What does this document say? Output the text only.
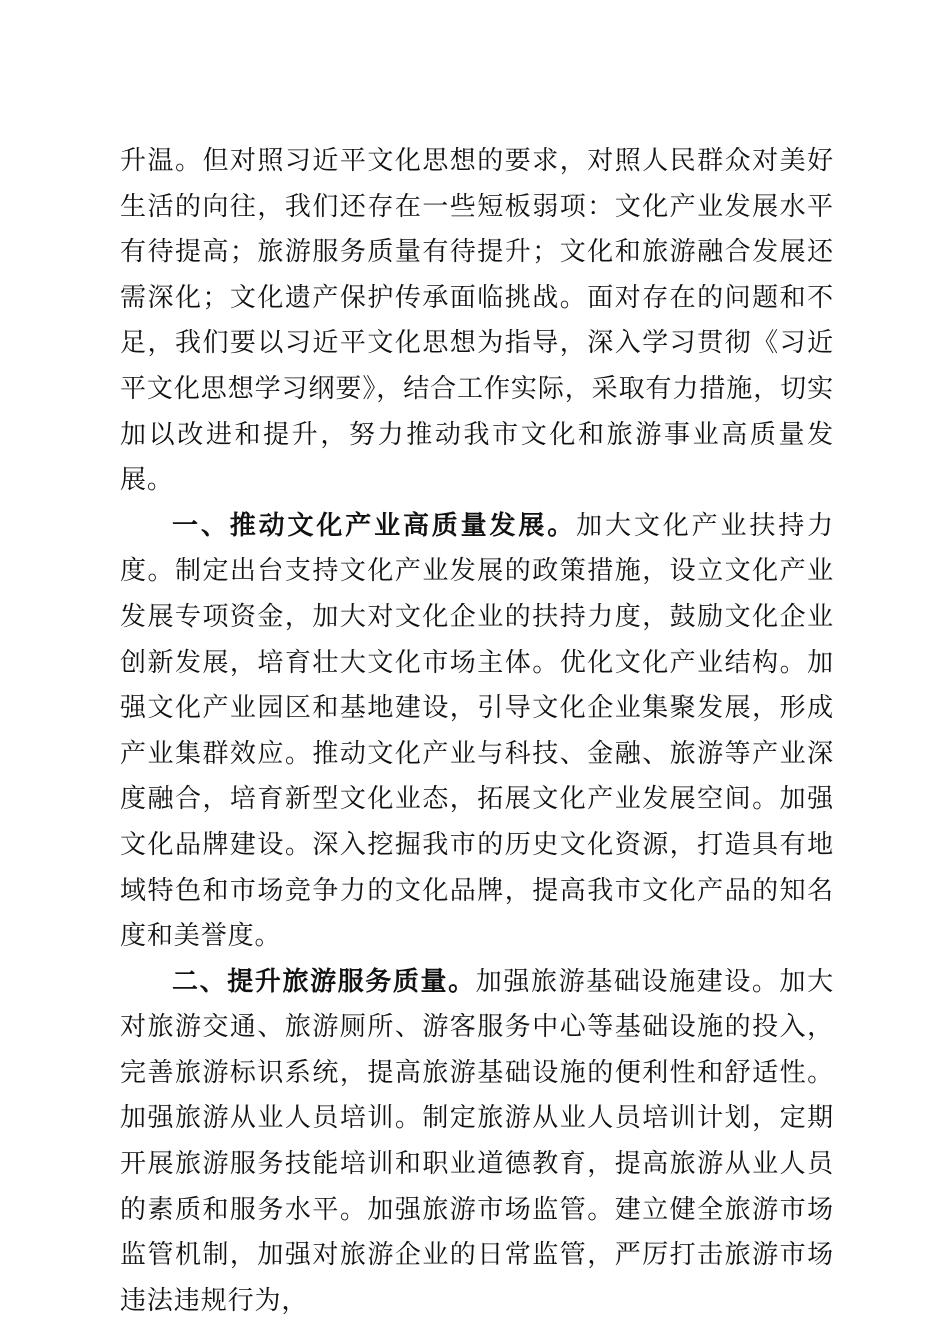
升温。但对照习近平文化思想的要求，对照人民群众对美好生活的向往，我们还存在一些短板弱项：文化产业发展水平有待提高；旅游服务质量有待提升；文化和旅游融合发展还需深化；文化遗产保护传承面临挑战。面对存在的问题和不足，我们要以习近平文化思想为指导，深入学习贯彻《习近平文化思想学习纲要》，结合工作实际，采取有力措施，切实加以改进和提升，努力推动我市文化和旅游事业高质量发展。

一、推动文化产业高质量发展。加大文化产业扶持力度。制定出台支持文化产业发展的政策措施，设立文化产业发展专项资金，加大对文化企业的扶持力度，鼓励文化企业创新发展，培育壮大文化市场主体。优化文化产业结构。加强文化产业园区和基地建设，引导文化企业集聚发展，形成产业集群效应。推动文化产业与科技、金融、旅游等产业深度融合，培育新型文化业态，拓展文化产业发展空间。加强文化品牌建设。深入挖掘我市的历史文化资源，打造具有地域特色和市场竞争力的文化品牌，提高我市文化产品的知名度和美誉度。

二、提升旅游服务质量。加强旅游基础设施建设。加大对旅游交通、旅游厕所、游客服务中心等基础设施的投入，完善旅游标识系统，提高旅游基础设施的便利性和舒适性。加强旅游从业人员培训。制定旅游从业人员培训计划，定期开展旅游服务技能培训和职业道德教育，提高旅游从业人员的素质和服务水平。加强旅游市场监管。建立健全旅游市场监管机制，加强对旅游企业的日常监管，严厉打击旅游市场违法违规行为，
